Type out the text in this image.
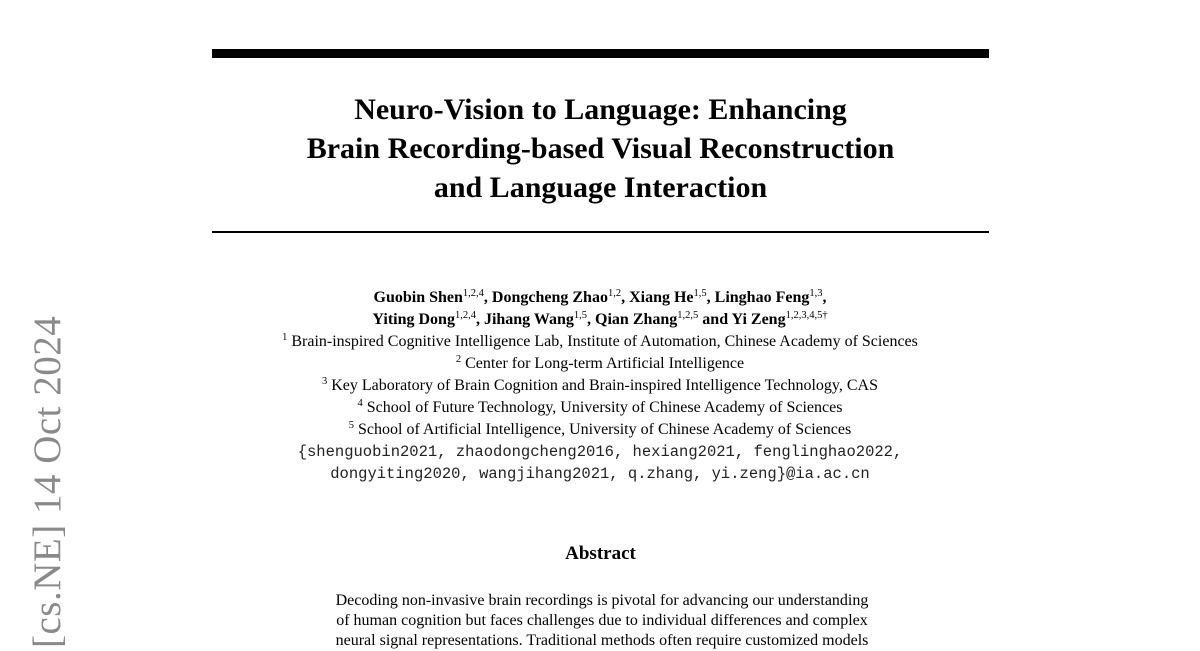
Neuro-Vision to Language: Enhancing
Brain Recording-based Visual Reconstruction
and Language Interaction
Guobin Shen$^{1,2,4}$, Dongcheng Zhao$^{1,2}$, Xiang He$^{1,5}$, Linghao Feng$^{1,3}$,
Yiting Dong$^{1,2,4}$, Jihang Wang$^{1,5}$, Qian Zhang$^{1,2,5}$ and Yi Zeng$^{1,2,3,4,5\dagger}$
$^1$ Brain-inspired Cognitive Intelligence Lab, Institute of Automation, Chinese Academy of Sciences
$^2$ Center for Long-term Artificial Intelligence
$^3$ Key Laboratory of Brain Cognition and Brain-inspired Intelligence Technology, CAS
$^4$ School of Future Technology, University of Chinese Academy of Sciences
$^5$ School of Artificial Intelligence, University of Chinese Academy of Sciences
{shenguobin2021, zhaodongcheng2016, hexiang2021, fenglinghao2022,
dongyiting2020, wangjihang2021, q.zhang, yi.zeng}@ia.ac.cn
Abstract
Decoding non-invasive brain recordings is pivotal for advancing our understanding
of human cognition but faces challenges due to individual differences and complex
neural signal representations. Traditional methods often require customized models
[cs.NE] 14 Oct 2024
